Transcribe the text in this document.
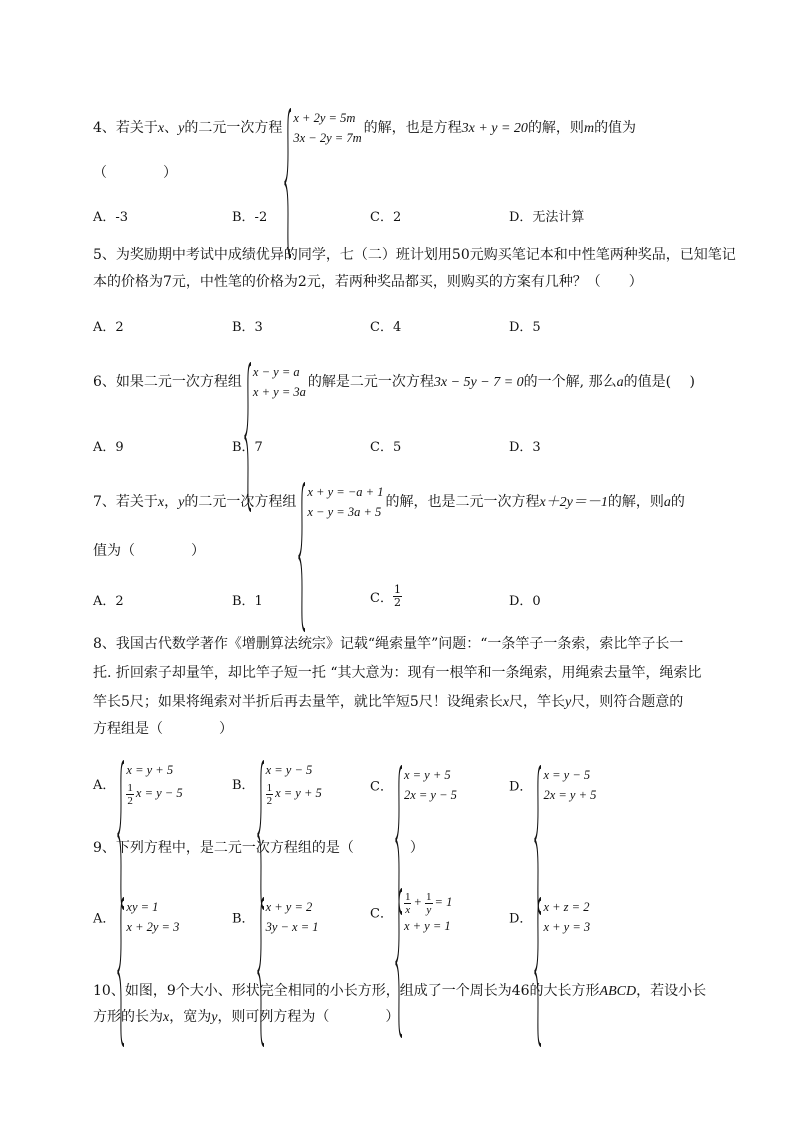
4、若关于x、y的二元一次方程
x + 2y = 5m
3x − 2y = 7m
的解，也是方程3x + y = 20的解，则m的值为
（　　　　）
A．-3	B．-2	C．2	D．无法计算
5、为奖励期中考试中成绩优异的同学，七（二）班计划用50元购买笔记本和中性笔两种奖品，已知笔记本的价格为7元，中性笔的价格为2元，若两种奖品都买，则购买的方案有几种？（　　）
A．2	B．3	C．4	D．5
6、如果二元一次方程组
x − y = a
x + y = 3a
的解是二元一次方程3x − 5y − 7 = 0的一个解, 那么a的值是(　 )
A．9	B．7	C．5	D．3
7、若关于x，y的二元一次方程组
x + y = −a + 1
x − y = 3a + 5
的解，也是二元一次方程x＋2y＝－1的解，则a的
值为（　　　　）
A．2	B．1	C． $\frac{1}{2}$	D．0
8、我国古代数学著作《增删算法统宗》记载“绳索量竿”问题：“一条竿子一条索，索比竿子长一
托. 折回索子却量竿，却比竿子短一托 “其大意为：现有一根竿和一条绳索，用绳索去量竿，绳索比
竿长5尺；如果将绳索对半折后再去量竿，就比竿短5尺！设绳索长x尺，竿长y尺，则符合题意的
方程组是（　　　　）
A．
x = y + 5
$\frac{1}{2}$ x = y − 5
B．
x = y − 5
$\frac{1}{2}$ x = y + 5	C．
x = y + 5
2x = y − 5
D．
x = y − 5
2x = y + 5
9、下列方程中，是二元一次方程组的是（　　　　）
A．
xy = 1
x + 2y = 3
B．
x + y = 2
3y − x = 1
C． $\frac{1}{x} + \frac{1}{y} = 1$
x + y = 1	D．
x + z = 2
x + y = 3
10、如图，9个大小、形状完全相同的小长方形，组成了一个周长为46的大长方形ABCD，若设小长
方形的长为x，宽为y，则可列方程为（　　　　）
